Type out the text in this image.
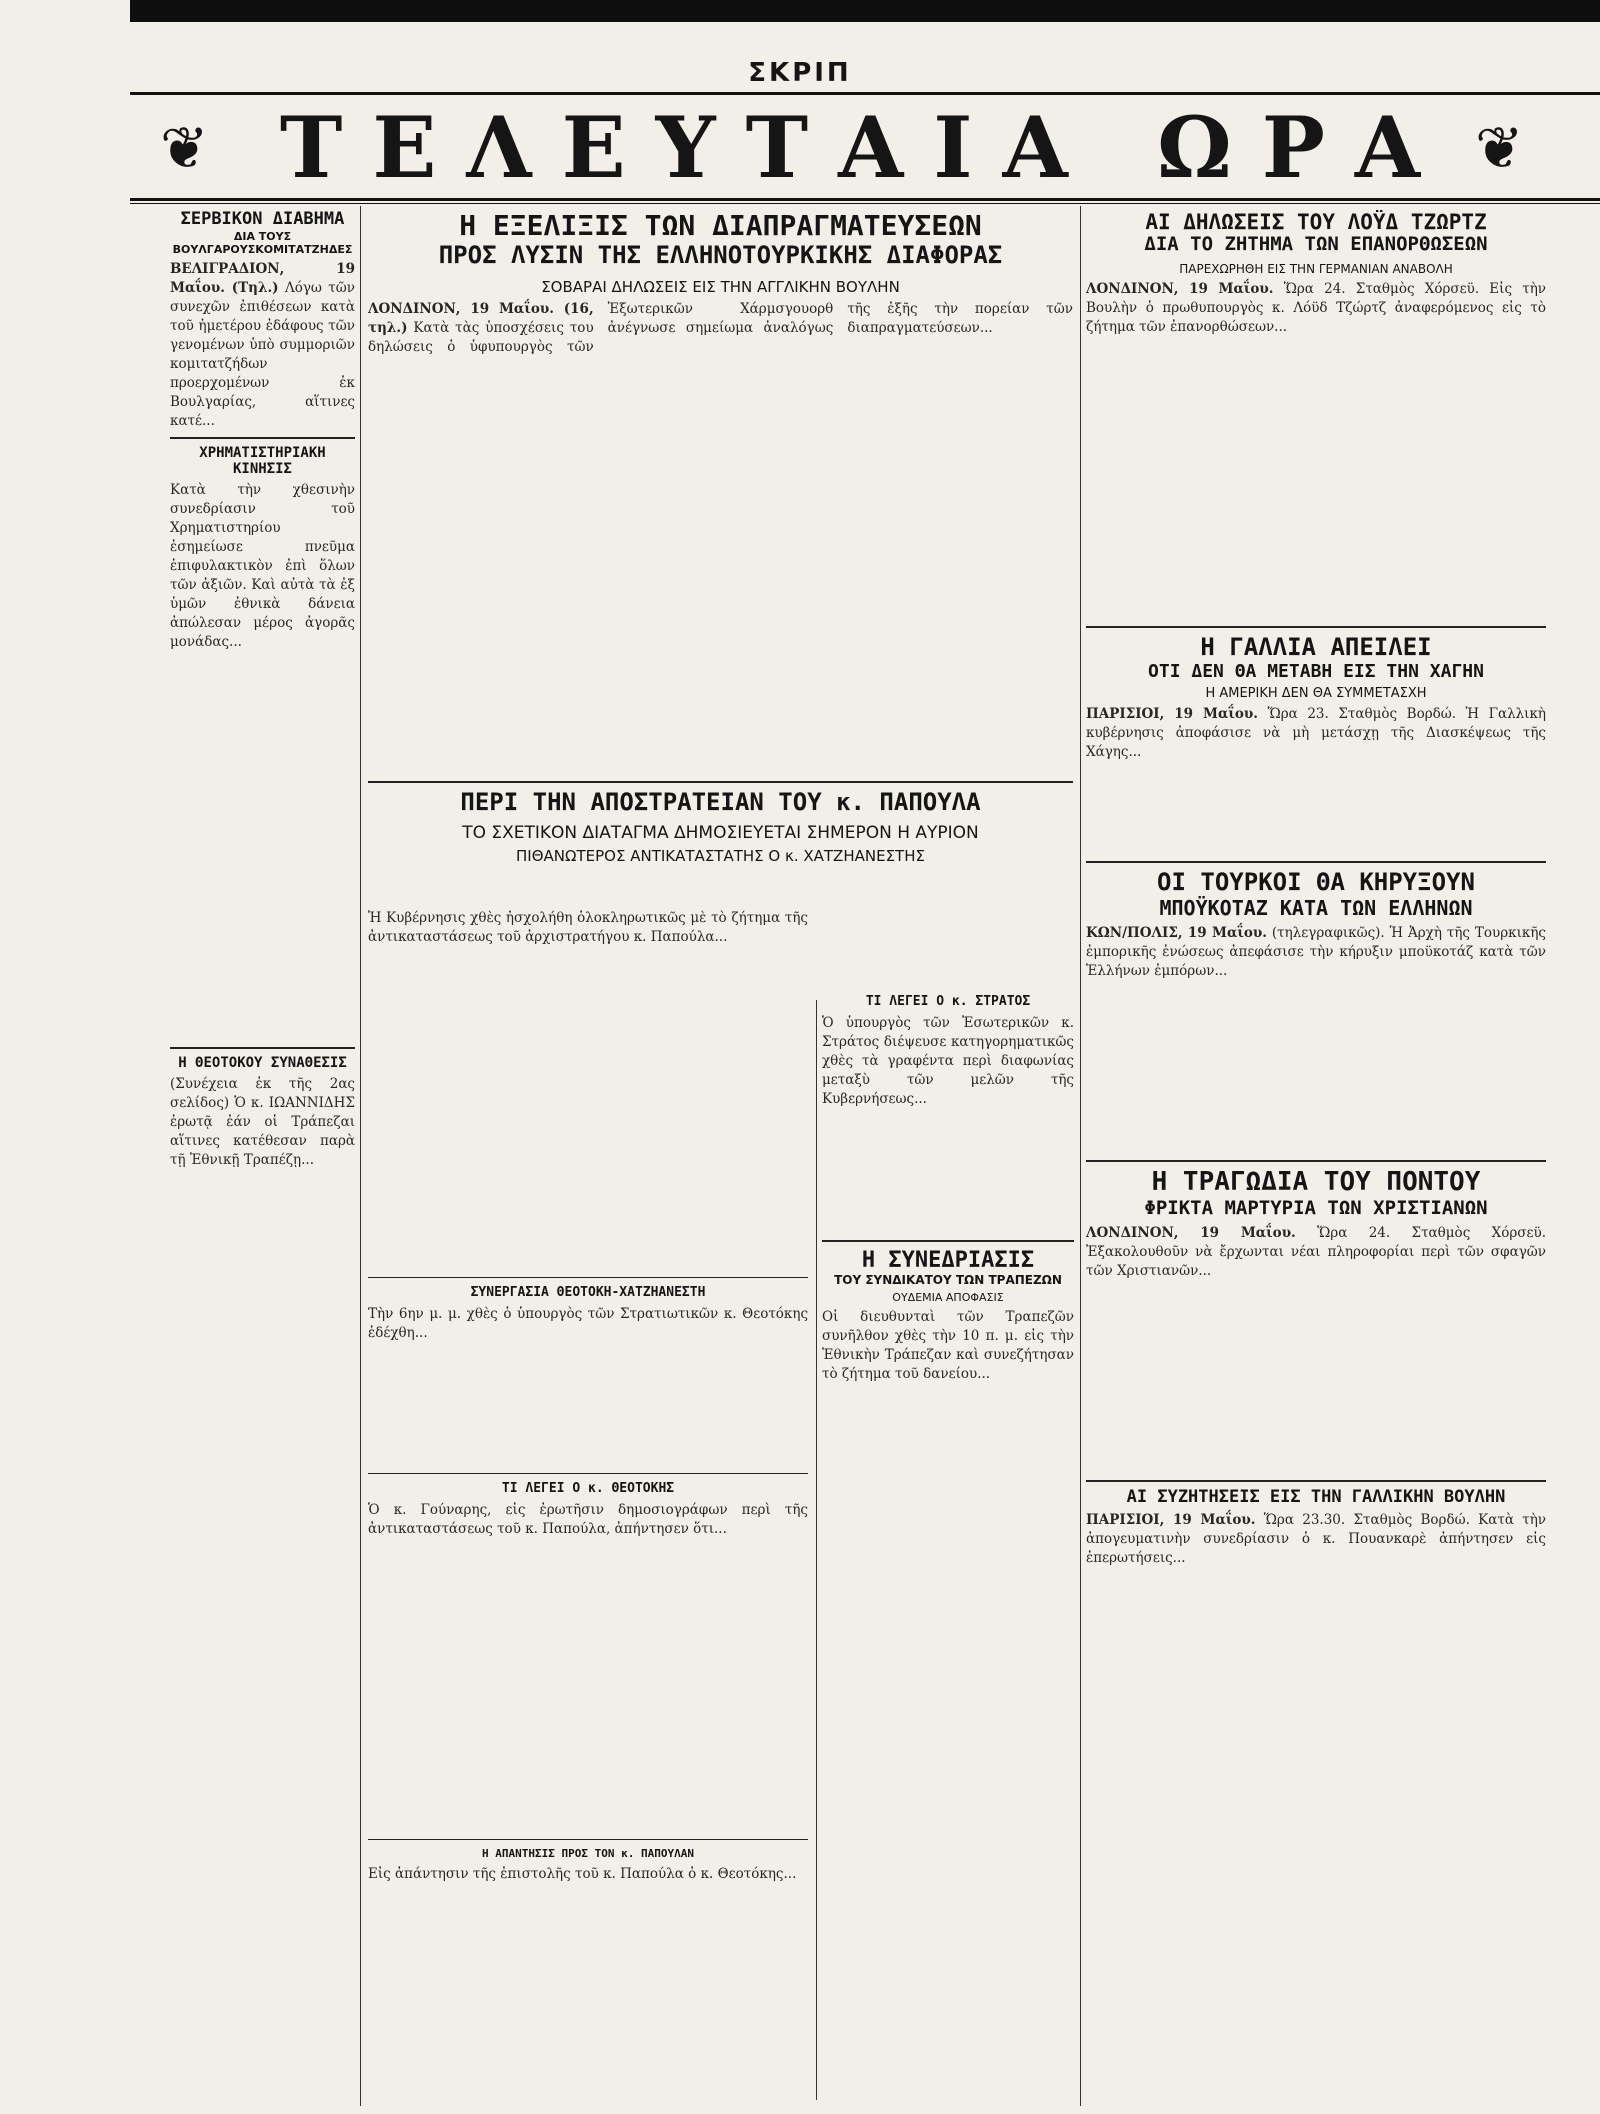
ΣΚΡΙΠ
❦ ΤΕΛΕΥΤΑΙΑ ΩΡΑ ❦
ΣΕΡΒΙΚΟΝ ΔΙΑΒΗΜΑ
ΔΙΑ ΤΟΥΣ ΒΟΥΛΓΑΡΟΥΣΚΟΜΙΤΑΤΖΗΔΕΣ

ΒΕΛΙΓΡΑΔΙΟΝ, 19 Μαΐου. (Τηλ.) Λόγω τῶν συνεχῶν ἐπιθέσεων κατὰ τοῦ ἡμετέρου ἐδάφους τῶν γενομένων ὑπὸ συμμοριῶν κομιτατζήδων προερχομένων ἐκ Βουλγαρίας, αἵτινες κατέ...

ΧΡΗΜΑΤΙΣΤΗΡΙΑΚΗ ΚΙΝΗΣΙΣ

Κατὰ τὴν χθεσινὴν συνεδρίασιν τοῦ Χρηματιστηρίου ἐσημείωσε πνεῦμα ἐπιφυλακτικὸν ἐπὶ ὅλων τῶν ἀξιῶν. Καὶ αὐτὰ τὰ ἐξ ὑμῶν ἐθνικὰ δάνεια ἀπώλεσαν μέρος ἀγορᾶς μονάδας...

Η ΘΕΟΤΟΚΟΥ ΣΥΝΑΘΕΣΙΣ

(Συνέχεια ἐκ τῆς 2ας σελίδος) Ὁ κ. ΙΩΑΝΝΙΔΗΣ ἐρωτᾷ ἐάν οἱ Τράπεζαι αἵτινες κατέθεσαν παρὰ τῇ Ἐθνικῇ Τραπέζῃ...

Η ΕΞΕΛΙΞΙΣ ΤΩΝ ΔΙΑΠΡΑΓΜΑΤΕΥΣΕΩΝ
ΠΡΟΣ ΛΥΣΙΝ ΤΗΣ ΕΛΛΗΝΟΤΟΥΡΚΙΚΗΣ ΔΙΑΦΟΡΑΣ
ΣΟΒΑΡΑΙ ΔΗΛΩΣΕΙΣ ΕΙΣ ΤΗΝ ΑΓΓΛΙΚΗΝ ΒΟΥΛΗΝ

ΛΟΝΔΙΝΟΝ, 19 Μαΐου. (16, τηλ.) Κατὰ τὰς ὑποσχέσεις του δηλώσεις ὁ ὑφυπουργὸς τῶν Ἐξωτερικῶν Χάρμσγουορθ ἀνέγνωσε σημείωμα ἀναλόγως τῆς ἐξῆς τὴν πορείαν τῶν διαπραγματεύσεων...

ΠΕΡΙ ΤΗΝ ΑΠΟΣΤΡΑΤΕΙΑΝ ΤΟΥ κ. ΠΑΠΟΥΛΑ
ΤΟ ΣΧΕΤΙΚΟΝ ΔΙΑΤΑΓΜΑ ΔΗΜΟΣΙΕΥΕΤΑΙ ΣΗΜΕΡΟΝ Η ΑΥΡΙΟΝ
ΠΙΘΑΝΩΤΕΡΟΣ ΑΝΤΙΚΑΤΑΣΤΑΤΗΣ Ο κ. ΧΑΤΖΗΑΝΕΣΤΗΣ

Ἡ Κυβέρνησις χθὲς ἠσχολήθη ὁλοκληρωτικῶς μὲ τὸ ζήτημα τῆς ἀντικαταστάσεως τοῦ ἀρχιστρατήγου κ. Παπούλα...

ΣΥΝΕΡΓΑΣΙΑ ΘΕΟΤΟΚΗ-ΧΑΤΖΗΑΝΕΣΤΗ

Τὴν 6ην μ. μ. χθὲς ὁ ὑπουργὸς τῶν Στρατιωτικῶν κ. Θεοτόκης ἐδέχθη...

ΤΙ ΛΕΓΕΙ Ο κ. ΘΕΟΤΟΚΗΣ

Ὁ κ. Γούναρης, εἰς ἐρωτῆσιν δημοσιογράφων περὶ τῆς ἀντικαταστάσεως τοῦ κ. Παπούλα, ἀπήντησεν ὅτι...

Η ΑΠΑΝΤΗΣΙΣ ΠΡΟΣ ΤΟΝ κ. ΠΑΠΟΥΛΑΝ

Εἰς ἀπάντησιν τῆς ἐπιστολῆς τοῦ κ. Παπούλα ὁ κ. Θεοτόκης...

ΤΙ ΛΕΓΕΙ Ο κ. ΣΤΡΑΤΟΣ

Ὁ ὑπουργὸς τῶν Ἐσωτερικῶν κ. Στράτος διέψευσε κατηγορηματικῶς χθὲς τὰ γραφέντα περὶ διαφωνίας μεταξὺ τῶν μελῶν τῆς Κυβερνήσεως...

Η ΣΥΝΕΔΡΙΑΣΙΣ
ΤΟΥ ΣΥΝΔΙΚΑΤΟΥ ΤΩΝ ΤΡΑΠΕΖΩΝ
ΟΥΔΕΜΙΑ ΑΠΟΦΑΣΙΣ

Οἱ διευθυνταὶ τῶν Τραπεζῶν συνῆλθον χθὲς τὴν 10 π. μ. εἰς τὴν Ἐθνικὴν Τράπεζαν καὶ συνεζήτησαν τὸ ζήτημα τοῦ δανείου...

ΑΙ ΔΗΛΩΣΕΙΣ ΤΟΥ ΛΟΫΔ ΤΖΩΡΤΖ
ΔΙΑ ΤΟ ΖΗΤΗΜΑ ΤΩΝ ΕΠΑΝΟΡΘΩΣΕΩΝ
ΠΑΡΕΧΩΡΗΘΗ ΕΙΣ ΤΗΝ ΓΕΡΜΑΝΙΑΝ ΑΝΑΒΟΛΗ

ΛΟΝΔΙΝΟΝ, 19 Μαΐου. Ὥρα 24. Σταθμὸς Χόρσεϋ. Εἰς τὴν Βουλὴν ὁ πρωθυπουργὸς κ. Λόϋδ Τζώρτζ ἀναφερόμενος εἰς τὸ ζήτημα τῶν ἐπανορθώσεων...

Η ΓΑΛΛΙΑ ΑΠΕΙΛΕΙ
ΟΤΙ ΔΕΝ ΘΑ ΜΕΤΑΒΗ ΕΙΣ ΤΗΝ ΧΑΓΗΝ
Η ΑΜΕΡΙΚΗ ΔΕΝ ΘΑ ΣΥΜΜΕΤΑΣΧΗ

ΠΑΡΙΣΙΟΙ, 19 Μαΐου. Ὥρα 23. Σταθμὸς Βορδώ. Ἡ Γαλλικὴ κυβέρνησις ἀποφάσισε νὰ μὴ μετάσχῃ τῆς Διασκέψεως τῆς Χάγης...

ΟΙ ΤΟΥΡΚΟΙ ΘΑ ΚΗΡΥΞΟΥΝ
ΜΠΟΫΚΟΤΑΖ ΚΑΤΑ ΤΩΝ ΕΛΛΗΝΩΝ

ΚΩΝ/ΠΟΛΙΣ, 19 Μαΐου. (τηλεγραφικῶς). Ἡ Ἀρχὴ τῆς Τουρκικῆς ἐμπορικῆς ἑνώσεως ἀπεφάσισε τὴν κήρυξιν μποϋκοτάζ κατὰ τῶν Ἑλλήνων ἐμπόρων...

Η ΤΡΑΓΩΔΙΑ ΤΟΥ ΠΟΝΤΟΥ
ΦΡΙΚΤΑ ΜΑΡΤΥΡΙΑ ΤΩΝ ΧΡΙΣΤΙΑΝΩΝ

ΛΟΝΔΙΝΟΝ, 19 Μαΐου. Ὥρα 24. Σταθμὸς Χόρσεϋ. Ἐξακολουθοῦν νὰ ἔρχωνται νέαι πληροφορίαι περὶ τῶν σφαγῶν τῶν Χριστιανῶν...

ΑΙ ΣΥΖΗΤΗΣΕΙΣ ΕΙΣ ΤΗΝ ΓΑΛΛΙΚΗΝ ΒΟΥΛΗΝ

ΠΑΡΙΣΙΟΙ, 19 Μαΐου. Ὥρα 23.30. Σταθμὸς Βορδώ. Κατὰ τὴν ἀπογευματινὴν συνεδρίασιν ὁ κ. Πουανκαρὲ ἀπήντησεν εἰς ἐπερωτήσεις...
